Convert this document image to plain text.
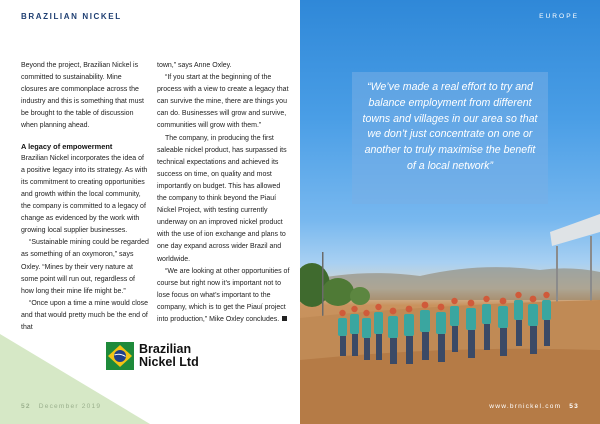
BRAZILIAN NICKEL

Beyond the project, Brazilian Nickel is committed to sustainability. Mine closures are commonplace across the industry and this is something that must be brought to the table of discussion when planning ahead.

A legacy of empowerment

Brazilian Nickel incorporates the idea of a positive legacy into its strategy. As with its commitment to creating opportunities and growth within the local community, the company is committed to a legacy of change as evidenced by the work with growing local supplier businesses.

“Sustainable mining could be regarded as something of an oxymoron,” says Oxley. “Mines by their very nature at some point will run out, regardless of how long their mine life might be.”

“Once upon a time a mine would close and that would pretty much be the end of that

town,” says Anne Oxley.

“If you start at the beginning of the process with a view to create a legacy that can survive the mine, there are things you can do. Businesses will grow and survive, communities will grow with them.”

The company, in producing the first saleable nickel product, has surpassed its technical expectations and achieved its success on time, on quality and most importantly on budget. This has allowed the company to think beyond the Piauí Nickel Project, with testing currently underway on an improved nickel product with the use of ion exchange and plans to one day expand across wider Brazil and worldwide.

“We are looking at other opportunities of course but right now it’s important not to lose focus on what’s important to the company, which is to get the Piauí project into production,” Mike Oxley concludes.

Brazilian
Nickel Ltd
52 December 2019
EUROPE
“We’ve made a real effort to try and balance employment from different towns and villages in our area so that we don’t just concentrate on one or another to truly maximise the benefit of a local network”
www.brnickel.com 53
